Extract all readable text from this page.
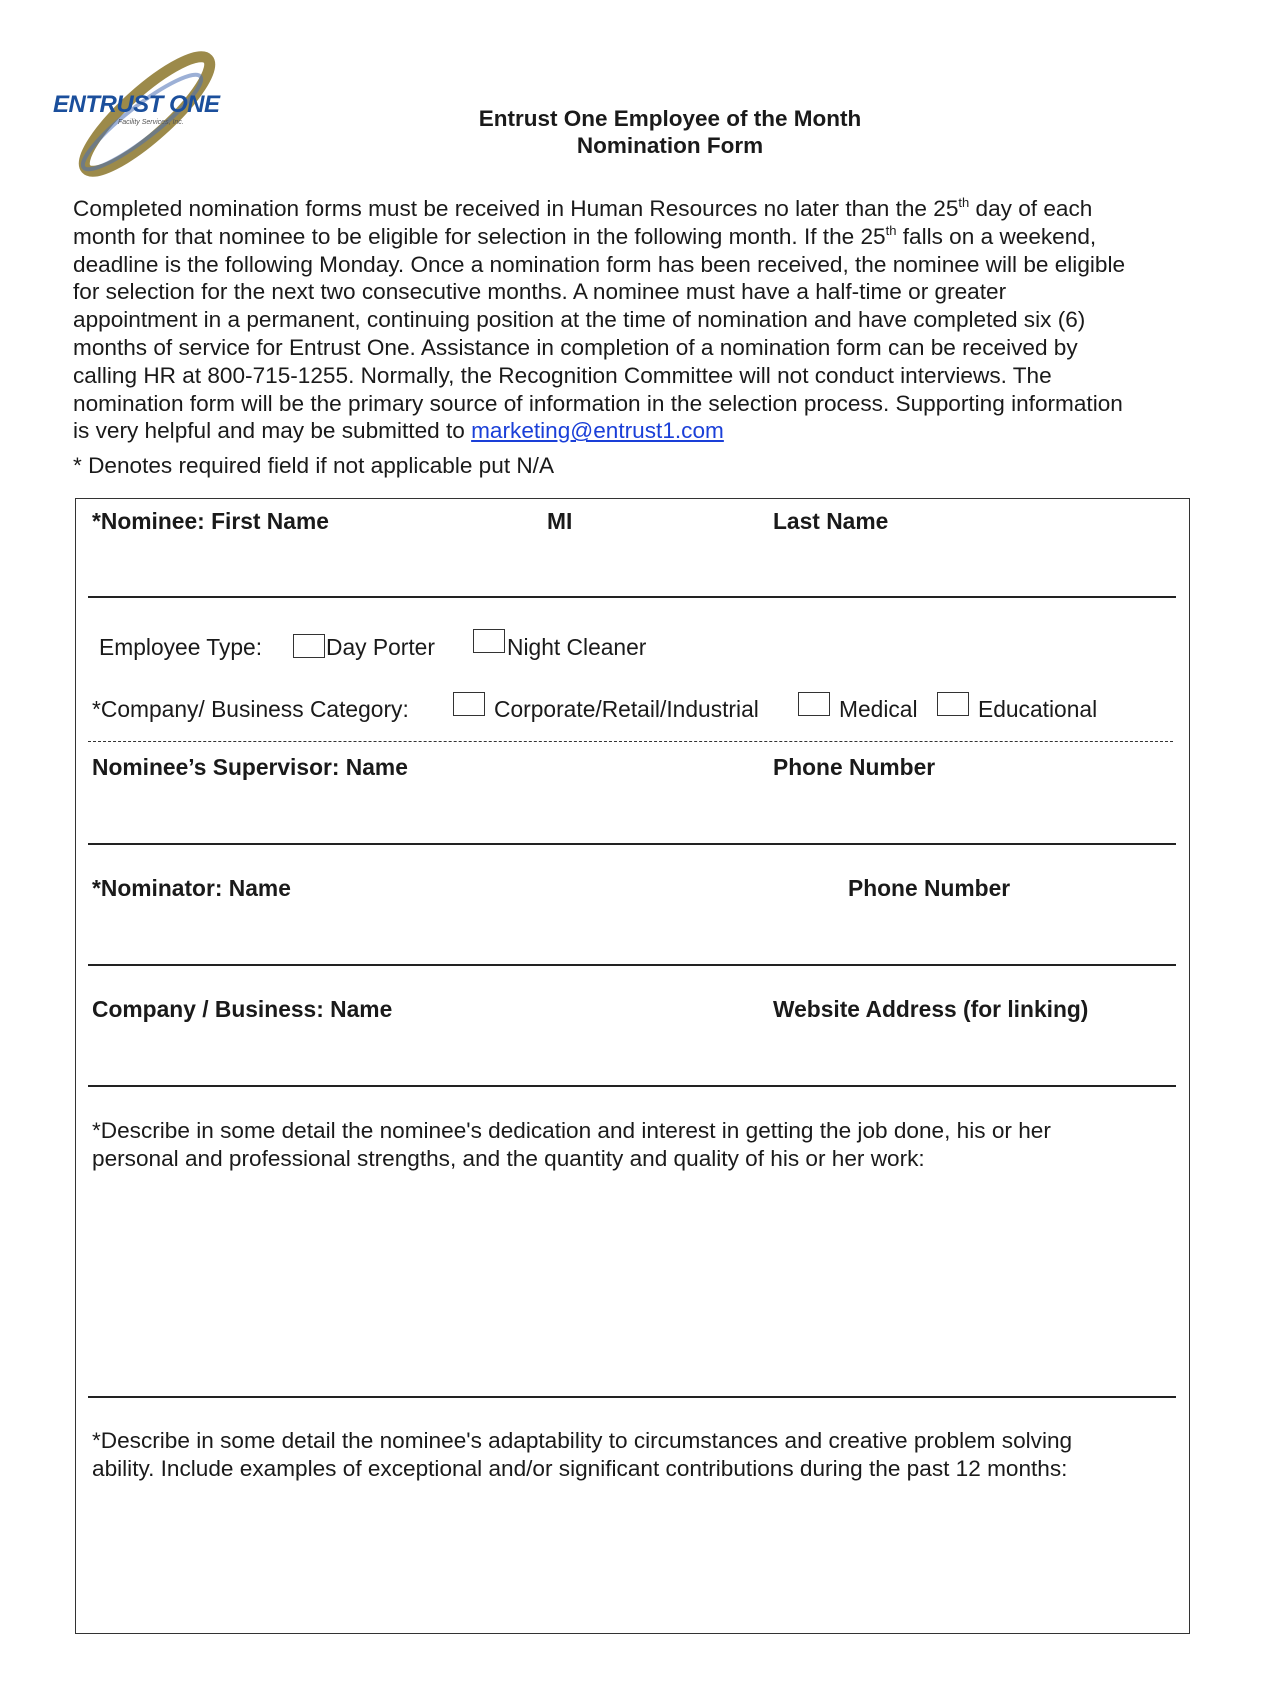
ENTRUST ONE
Facility Services, Inc.	Entrust One Employee of the Month
Nomination Form

Completed nomination forms must be received in Human Resources no later than the 25th day of each

month for that nominee to be eligible for selection in the following month. If the 25th falls on a weekend,

deadline is the following Monday. Once a nomination form has been received, the nominee will be eligible

for selection for the next two consecutive months. A nominee must have a half-time or greater

appointment in a permanent, continuing position at the time of nomination and have completed six (6)

months of service for Entrust One. Assistance in completion of a nomination form can be received by

calling HR at 800-715-1255. Normally, the Recognition Committee will not conduct interviews. The

nomination form will be the primary source of information in the selection process. Supporting information

is very helpful and may be submitted to marketing@entrust1.com

* Denotes required field if not applicable put N/A
*Nominee: First Name	MI	Last Name
Employee Type:	Day Porter	Night Cleaner
*Company/ Business Category:	Corporate/Retail/Industrial	Medical	Educational
Nominee’s Supervisor: Name	Phone Number
*Nominator: Name	Phone Number
Company / Business: Name	Website Address (for linking)

*Describe in some detail the nominee's dedication and interest in getting the job done, his or her

personal and professional strengths, and the quantity and quality of his or her work:

*Describe in some detail the nominee's adaptability to circumstances and creative problem solving

ability. Include examples of exceptional and/or significant contributions during the past 12 months:
